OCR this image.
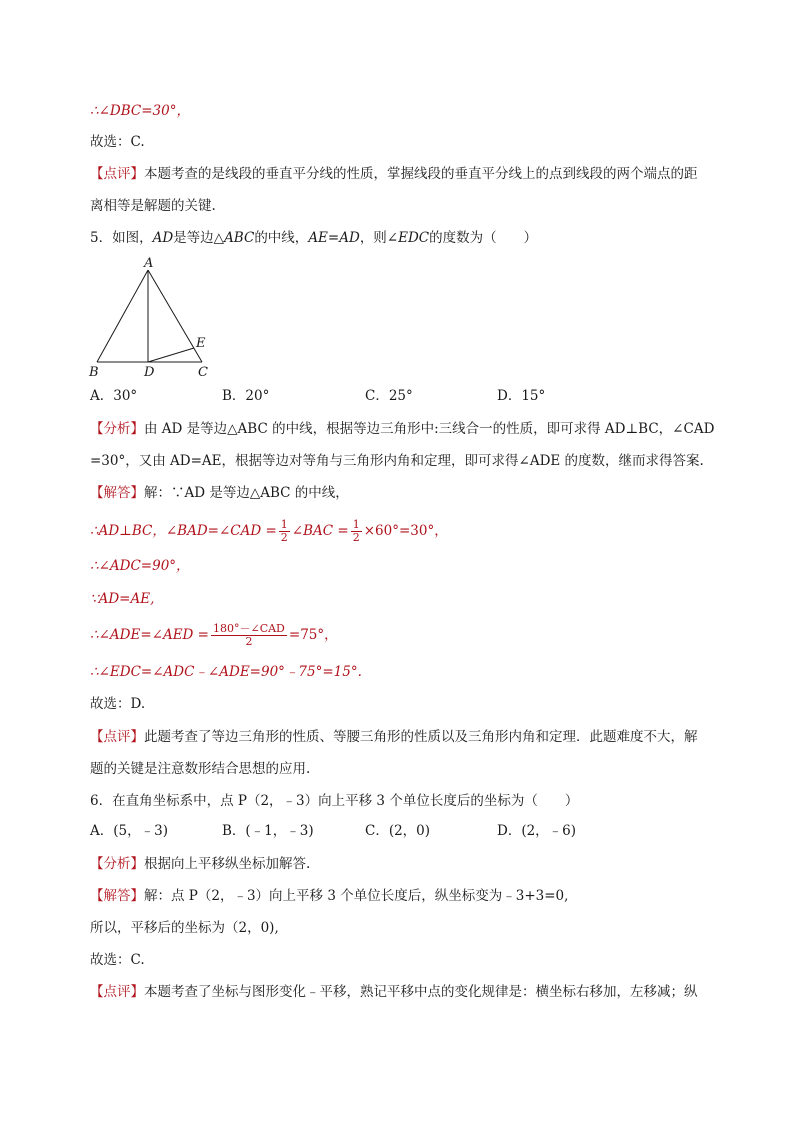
∴∠DBC=30°，
故选：C.
【点评】本题考查的是线段的垂直平分线的性质，掌握线段的垂直平分线上的点到线段的两个端点的距
离相等是解题的关键.
5．如图，AD是等边△ABC的中线，AE=AD，则∠EDC的度数为（　　）
A
B	D	C
E
A．30°	B．20°	C．25°	D．15°
【分析】由 AD 是等边△ABC 的中线，根据等边三角形中:三线合一的性质，即可求得 AD⊥BC，∠CAD
=30°，又由 AD=AE，根据等边对等角与三角形内角和定理，即可求得∠ADE 的度数，继而求得答案.
【解答】解：∵AD 是等边△ABC 的中线，
∴AD⊥BC，∠BAD=∠CAD = $\frac{1}{2}$ ∠BAC = $\frac{1}{2} \times 60^\circ=30^\circ$，
∴∠ADC=90°，
∵AD=AE,
∴∠ADE=∠AED = $\frac{\text{180°－∠CAD}}{2} =75^\circ$，
∴∠EDC=∠ADC﹣∠ADE=90°﹣75°=15°.
故选：D.
【点评】此题考查了等边三角形的性质、等腰三角形的性质以及三角形内角和定理．此题难度不大，解
题的关键是注意数形结合思想的应用.
6．在直角坐标系中，点 P（2，﹣3）向上平移 3 个单位长度后的坐标为（　　）
A．(5，﹣3)	B．(﹣1，﹣3)	C．(2，0)	D．(2，﹣6)
【分析】根据向上平移纵坐标加解答.
【解答】解：点 P（2，﹣3）向上平移 3 个单位长度后，纵坐标变为﹣3+3=0,
所以，平移后的坐标为（2，0),
故选：C.
【点评】本题考查了坐标与图形变化﹣平移，熟记平移中点的变化规律是：横坐标右移加，左移减；纵
